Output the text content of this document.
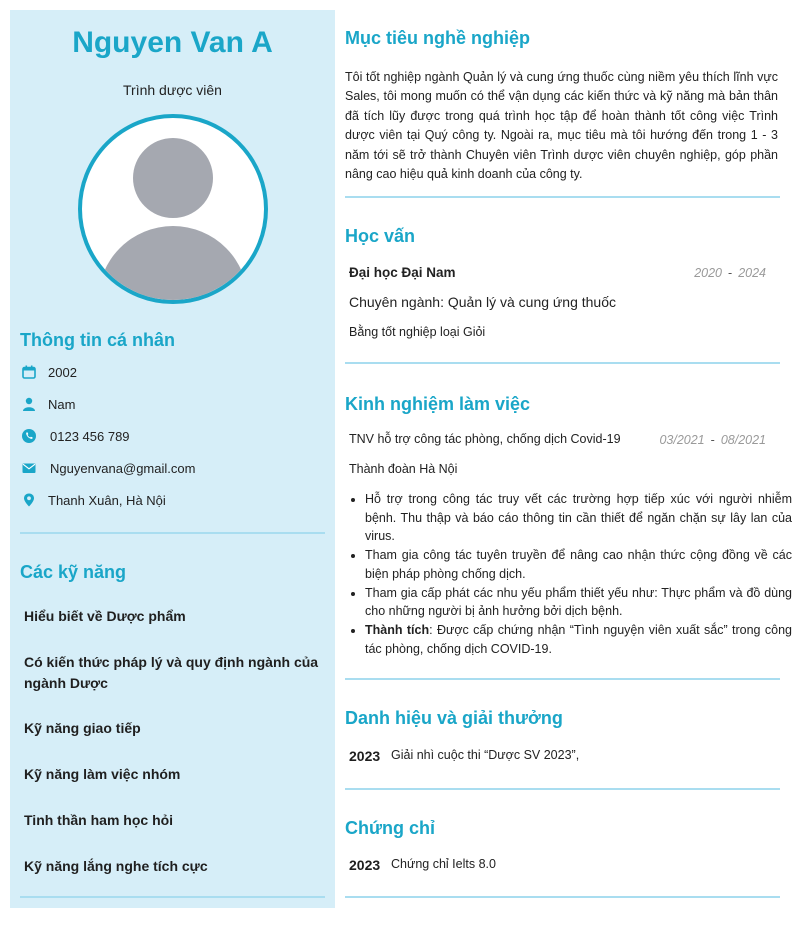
Nguyen Van A
Trình dược viên
Thông tin cá nhân
2002
Nam
0123 456 789
Nguyenvana@gmail.com
Thanh Xuân, Hà Nội
Các kỹ năng
Hiểu biết về Dược phẩm
Có kiến thức pháp lý và quy định ngành của ngành Dược
Kỹ năng giao tiếp
Kỹ năng làm việc nhóm
Tinh thần ham học hỏi
Kỹ năng lắng nghe tích cực
Mục tiêu nghề nghiệp
Tôi tốt nghiệp ngành Quản lý và cung ứng thuốc cùng niềm yêu thích lĩnh vực Sales, tôi mong muốn có thể vận dụng các kiến thức và kỹ năng mà bản thân đã tích lũy được trong quá trình học tập để hoàn thành tốt công việc Trình dược viên tại Quý công ty. Ngoài ra, mục tiêu mà tôi hướng đến trong 1 - 3 năm tới sẽ trở thành Chuyên viên Trình dược viên chuyên nghiệp, góp phần nâng cao hiệu quả kinh doanh của công ty.
Học vấn
Đại học Đại Nam	2020 - 2024
Chuyên ngành: Quản lý và cung ứng thuốc
Bằng tốt nghiệp loại Giỏi
Kinh nghiệm làm việc
TNV hỗ trợ công tác phòng, chống dịch Covid-19	03/2021 - 08/2021
Thành đoàn Hà Nội
• Hỗ trợ trong công tác truy vết các trường hợp tiếp xúc với người nhiễm bệnh. Thu thập và báo cáo thông tin cần thiết để ngăn chặn sự lây lan của virus.
• Tham gia công tác tuyên truyền để nâng cao nhận thức cộng đồng về các biện pháp phòng chống dịch.
• Tham gia cấp phát các nhu yếu phẩm thiết yếu như: Thực phẩm và đồ dùng cho những người bị ảnh hưởng bởi dịch bệnh.
• Thành tích: Được cấp chứng nhận “Tình nguyện viên xuất sắc” trong công tác phòng, chống dịch COVID-19.
Danh hiệu và giải thưởng
2023 Giải nhì cuộc thi “Dược SV 2023”,
Chứng chỉ
2023 Chứng chỉ Ielts 8.0
